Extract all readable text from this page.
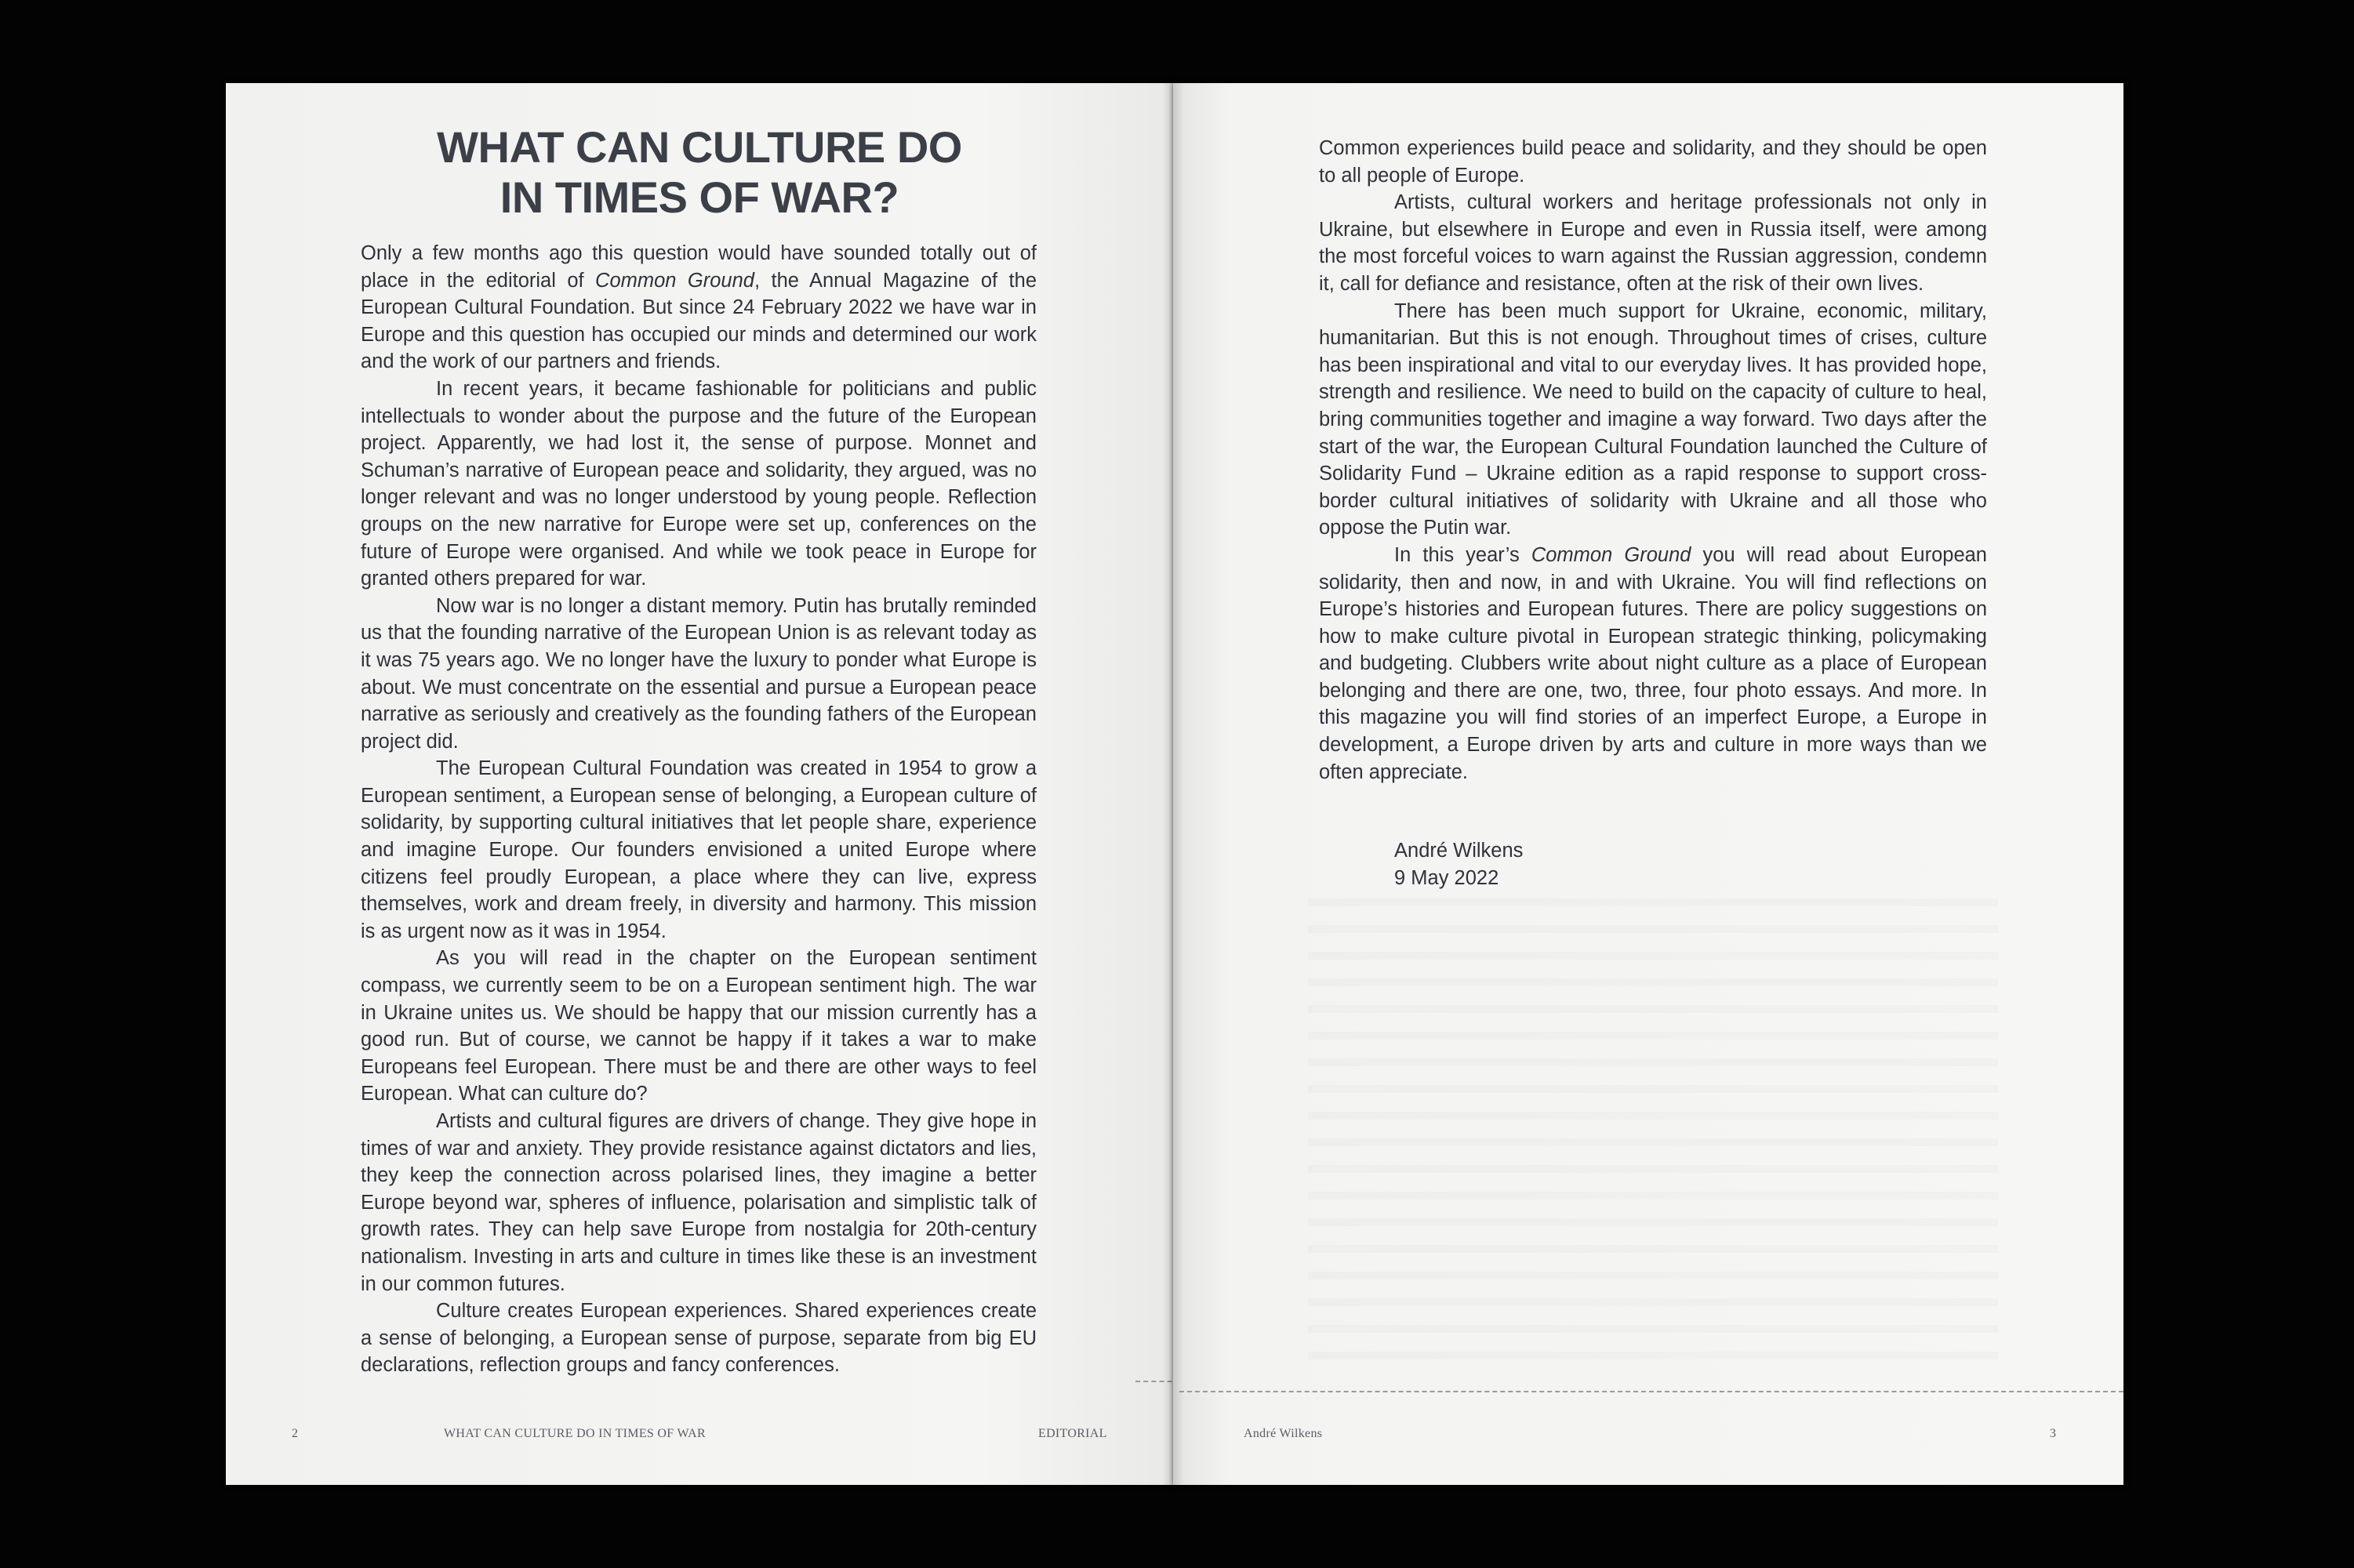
WHAT CAN CULTURE DO
IN TIMES OF WAR?

Only a few months ago this question would have sounded totally out of place in the editorial of Common Ground, the Annual Magazine of the European Cultural Foundation. But since 24 February 2022 we have war in Europe and this question has occupied our minds and determined our work and the work of our partners and friends.

In recent years, it became fashionable for politicians and public intellectuals to wonder about the purpose and the future of the European project. Apparently, we had lost it, the sense of purpose. Monnet and Schuman’s narrative of European peace and solidarity, they argued, was no longer relevant and was no longer understood by young people. Reflection groups on the new narrative for Europe were set up, conferences on the future of Europe were organised. And while we took peace in Europe for granted others prepared for war.

Now war is no longer a distant memory. Putin has brutally reminded us that the founding narrative of the European Union is as relevant today as it was 75 years ago. We no longer have the luxury to ponder what Europe is about. We must concentrate on the essential and pursue a European peace narrative as seriously and creatively as the founding fathers of the European project did.

The European Cultural Foundation was created in 1954 to grow a European sentiment, a European sense of belonging, a European culture of solidarity, by supporting cultural initiatives that let people share, experience and imagine Europe. Our founders envisioned a united Europe where citizens feel proudly European, a place where they can live, express themselves, work and dream freely, in diversity and harmony. This mission is as urgent now as it was in 1954.

As you will read in the chapter on the European sentiment compass, we currently seem to be on a European sentiment high. The war in Ukraine unites us. We should be happy that our mission currently has a good run. But of course, we cannot be happy if it takes a war to make Europeans feel European. There must be and there are other ways to feel European. What can culture do?

Artists and cultural figures are drivers of change. They give hope in times of war and anxiety. They provide resistance against dictators and lies, they keep the connection across polarised lines, they imagine a better Europe beyond war, spheres of influence, polarisation and simplistic talk of growth rates. They can help save Europe from nostalgia for 20th-century nationalism. Investing in arts and culture in times like these is an investment in our common futures.

Culture creates European experiences. Shared experiences create a sense of belonging, a European sense of purpose, separate from big EU declarations, reflection groups and fancy conferences.

2	WHAT CAN CULTURE DO IN TIMES OF WAR	EDITORIAL

Common experiences build peace and solidarity, and they should be open to all people of Europe.

Artists, cultural workers and heritage professionals not only in Ukraine, but elsewhere in Europe and even in Russia itself, were among the most forceful voices to warn against the Russian aggression, condemn it, call for defiance and resistance, often at the risk of their own lives.

There has been much support for Ukraine, economic, military, humanitarian. But this is not enough. Throughout times of crises, culture has been inspirational and vital to our everyday lives. It has provided hope, strength and resilience. We need to build on the capacity of culture to heal, bring communities together and imagine a way forward. Two days after the start of the war, the European Cultural Foundation launched the Culture of Solidarity Fund – Ukraine edition as a rapid response to support cross-border cultural initiatives of solidarity with Ukraine and all those who oppose the Putin war.

In this year’s Common Ground you will read about European solidarity, then and now, in and with Ukraine. You will find reflections on Europe’s histories and European futures. There are policy suggestions on how to make culture pivotal in European strategic thinking, policymaking and budgeting. Clubbers write about night culture as a place of European belonging and there are one, two, three, four photo essays. And more. In this magazine you will find stories of an imperfect Europe, a Europe in development, a Europe driven by arts and culture in more ways than we often appreciate.

André Wilkens
9 May 2022
André Wilkens	3
